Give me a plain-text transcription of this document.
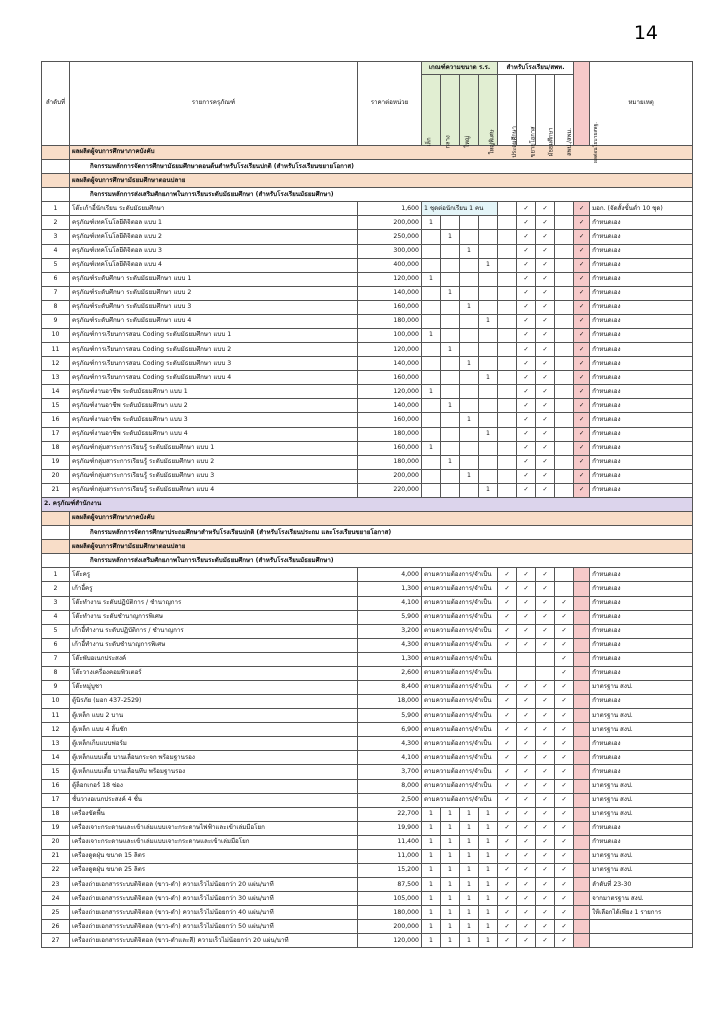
14
ลำดับที่	รายการครุภัณฑ์	ราคาต่อหน่วย	เกณฑ์ความขนาด ร.ร.				สำหรับโรงเรียน/สพท.				ผลต่อนโยบายสพฐ.	หมายเหตุ
			เล็ก	กลาง	ใหญ่	ใหญ่พิเศษ	ประถมศึกษา	ขยายโอกาส	มัธยมศึกษา	สพป./สพม.		
	ผลผลิตผู้จบการศึกษาภาคบังคับ											
	กิจกรรมหลักการจัดการศึกษามัธยมศึกษาตอนต้นสำหรับโรงเรียนปกติ (สำหรับโรงเรียนขยายโอกาส)											
	ผลผลิตผู้จบการศึกษามัธยมศึกษาตอนปลาย											
	กิจกรรมหลักการส่งเสริมศักยภาพในการเรียนระดับมัธยมศึกษา (สำหรับโรงเรียนมัธยมศึกษา)											
1	โต๊ะเก้าอี้นักเรียน ระดับมัธยมศึกษา	1,600	1 ชุดต่อนักเรียน 1 คน					✓	✓		✓	มอก. (จัดสั้งขั้นต่ำ 10 ชุด)
2	ครุภัณฑ์เทคโนโลยีดิจิตอล แบบ 1	200,000	1					✓	✓		✓	กำหนดเอง
3	ครุภัณฑ์เทคโนโลยีดิจิตอล แบบ 2	250,000		1				✓	✓		✓	กำหนดเอง
4	ครุภัณฑ์เทคโนโลยีดิจิตอล แบบ 3	300,000			1			✓	✓		✓	กำหนดเอง
5	ครุภัณฑ์เทคโนโลยีดิจิตอล แบบ 4	400,000				1		✓	✓		✓	กำหนดเอง
6	ครุภัณฑ์ระดับศึกษา ระดับมัธยมศึกษา แบบ 1	120,000	1					✓	✓		✓	กำหนดเอง
7	ครุภัณฑ์ระดับศึกษา ระดับมัธยมศึกษา แบบ 2	140,000		1				✓	✓		✓	กำหนดเอง
8	ครุภัณฑ์ระดับศึกษา ระดับมัธยมศึกษา แบบ 3	160,000			1			✓	✓		✓	กำหนดเอง
9	ครุภัณฑ์ระดับศึกษา ระดับมัธยมศึกษา แบบ 4	180,000				1		✓	✓		✓	กำหนดเอง
10	ครุภัณฑ์การเรียนการสอน Coding ระดับมัธยมศึกษา แบบ 1	100,000	1					✓	✓		✓	กำหนดเอง
11	ครุภัณฑ์การเรียนการสอน Coding ระดับมัธยมศึกษา แบบ 2	120,000		1				✓	✓		✓	กำหนดเอง
12	ครุภัณฑ์การเรียนการสอน Coding ระดับมัธยมศึกษา แบบ 3	140,000			1			✓	✓		✓	กำหนดเอง
13	ครุภัณฑ์การเรียนการสอน Coding ระดับมัธยมศึกษา แบบ 4	160,000				1		✓	✓		✓	กำหนดเอง
14	ครุภัณฑ์งานอาชีพ ระดับมัธยมศึกษา แบบ 1	120,000	1					✓	✓		✓	กำหนดเอง
15	ครุภัณฑ์งานอาชีพ ระดับมัธยมศึกษา แบบ 2	140,000		1				✓	✓		✓	กำหนดเอง
16	ครุภัณฑ์งานอาชีพ ระดับมัธยมศึกษา แบบ 3	160,000			1			✓	✓		✓	กำหนดเอง
17	ครุภัณฑ์งานอาชีพ ระดับมัธยมศึกษา แบบ 4	180,000				1		✓	✓		✓	กำหนดเอง
18	ครุภัณฑ์กลุ่มสาระการเรียนรู้ ระดับมัธยมศึกษา แบบ 1	160,000	1					✓	✓		✓	กำหนดเอง
19	ครุภัณฑ์กลุ่มสาระการเรียนรู้ ระดับมัธยมศึกษา แบบ 2	180,000		1				✓	✓		✓	กำหนดเอง
20	ครุภัณฑ์กลุ่มสาระการเรียนรู้ ระดับมัธยมศึกษา แบบ 3	200,000			1			✓	✓		✓	กำหนดเอง
21	ครุภัณฑ์กลุ่มสาระการเรียนรู้ ระดับมัธยมศึกษา แบบ 4	220,000				1		✓	✓		✓	กำหนดเอง
2. ครุภัณฑ์สำนักงาน												
	ผลผลิตผู้จบการศึกษาภาคบังคับ											
	กิจกรรมหลักการจัดการศึกษาประถมศึกษาสำหรับโรงเรียนปกติ (สำหรับโรงเรียนประถม และโรงเรียนขยายโอกาส)											
	ผลผลิตผู้จบการศึกษามัธยมศึกษาตอนปลาย											
	กิจกรรมหลักการส่งเสริมศักยภาพในการเรียนระดับมัธยมศึกษา (สำหรับโรงเรียนมัธยมศึกษา)											
1	โต๊ะครู	4,000	ตามความต้องการ/จำเป็น				✓	✓	✓			กำหนดเอง
2	เก้าอี้ครู	1,300	ตามความต้องการ/จำเป็น				✓	✓	✓			กำหนดเอง
3	โต๊ะทำงาน ระดับปฏิบัติการ / ชำนาญการ	4,100	ตามความต้องการ/จำเป็น				✓	✓	✓	✓		กำหนดเอง
4	โต๊ะทำงาน ระดับชำนาญการพิเศษ	5,900	ตามความต้องการ/จำเป็น				✓	✓	✓	✓		กำหนดเอง
5	เก้าอี้ทำงาน ระดับปฏิบัติการ / ชำนาญการ	3,200	ตามความต้องการ/จำเป็น				✓	✓	✓	✓		กำหนดเอง
6	เก้าอี้ทำงาน ระดับชำนาญการพิเศษ	4,300	ตามความต้องการ/จำเป็น				✓	✓	✓	✓		กำหนดเอง
7	โต๊ะพับอเนกประสงค์	1,300	ตามความต้องการ/จำเป็น							✓		กำหนดเอง
8	โต๊ะวางเครื่องคอมพิวเตอร์	2,600	ตามความต้องการ/จำเป็น							✓		กำหนดเอง
9	โต๊ะหมู่บูชา	8,400	ตามความต้องการ/จำเป็น				✓	✓	✓	✓		มาตรฐาน สงป.
10	ตู้นิรภัย (มอก 437-2529)	18,000	ตามความต้องการ/จำเป็น				✓	✓	✓	✓		กำหนดเอง
11	ตู้เหล็ก แบบ 2 บาน	5,900	ตามความต้องการ/จำเป็น				✓	✓	✓	✓		มาตรฐาน สงป.
12	ตู้เหล็ก แบบ 4 ลิ้นชัก	6,900	ตามความต้องการ/จำเป็น				✓	✓	✓	✓		มาตรฐาน สงป.
13	ตู้เหล็กเก็บแบบฟอร์ม	4,300	ตามความต้องการ/จำเป็น				✓	✓	✓	✓		กำหนดเอง
14	ตู้เหล็กแบบเตี้ย บานเลื่อนกระจก พร้อมฐานรอง	4,100	ตามความต้องการ/จำเป็น				✓	✓	✓	✓		กำหนดเอง
15	ตู้เหล็กแบบเตี้ย บานเลื่อนทึบ พร้อมฐานรอง	3,700	ตามความต้องการ/จำเป็น				✓	✓	✓	✓		กำหนดเอง
16	ตู้ล็อกเกอร์ 18 ช่อง	8,000	ตามความต้องการ/จำเป็น				✓	✓	✓	✓		มาตรฐาน สงป.
17	ชั้นวางอเนกประสงค์ 4 ชั้น	2,500	ตามความต้องการ/จำเป็น				✓	✓	✓	✓		มาตรฐาน สงป.
18	เครื่องขัดพื้น	22,700	1	1	1	1	✓	✓	✓	✓		มาตรฐาน สงป.
19	เครื่องเจาะกระดาษและเข้าเล่มแบบเจาะกระดาษไฟฟ้าและเข้าเล่มมือโยก	19,900	1	1	1	1	✓	✓	✓	✓		กำหนดเอง
20	เครื่องเจาะกระดาษและเข้าเล่มแบบเจาะกระดาษและเข้าเล่มมือโยก	11,400	1	1	1	1	✓	✓	✓	✓		กำหนดเอง
21	เครื่องดูดฝุ่น ขนาด 15 ลิตร	11,000	1	1	1	1	✓	✓	✓	✓		มาตรฐาน สงป.
22	เครื่องดูดฝุ่น ขนาด 25 ลิตร	15,200	1	1	1	1	✓	✓	✓	✓		มาตรฐาน สงป.
23	เครื่องถ่ายเอกสารระบบดิจิตอล (ขาว-ดำ) ความเร็วไม่น้อยกว่า 20 แผ่น/นาที	87,500	1	1	1	1	✓	✓	✓	✓		ลำดับที่ 23-30
24	เครื่องถ่ายเอกสารระบบดิจิตอล (ขาว-ดำ) ความเร็วไม่น้อยกว่า 30 แผ่น/นาที	105,000	1	1	1	1	✓	✓	✓	✓		จากมาตรฐาน สงป.
25	เครื่องถ่ายเอกสารระบบดิจิตอล (ขาว-ดำ) ความเร็วไม่น้อยกว่า 40 แผ่น/นาที	180,000	1	1	1	1	✓	✓	✓	✓		ให้เลือกได้เพียง 1 รายการ
26	เครื่องถ่ายเอกสารระบบดิจิตอล (ขาว-ดำ) ความเร็วไม่น้อยกว่า 50 แผ่น/นาที	200,000	1	1	1	1	✓	✓	✓	✓		
27	เครื่องถ่ายเอกสารระบบดิจิตอล (ขาว-ดำและสี) ความเร็วไม่น้อยกว่า 20 แผ่น/นาที	120,000	1	1	1	1	✓	✓	✓	✓		
